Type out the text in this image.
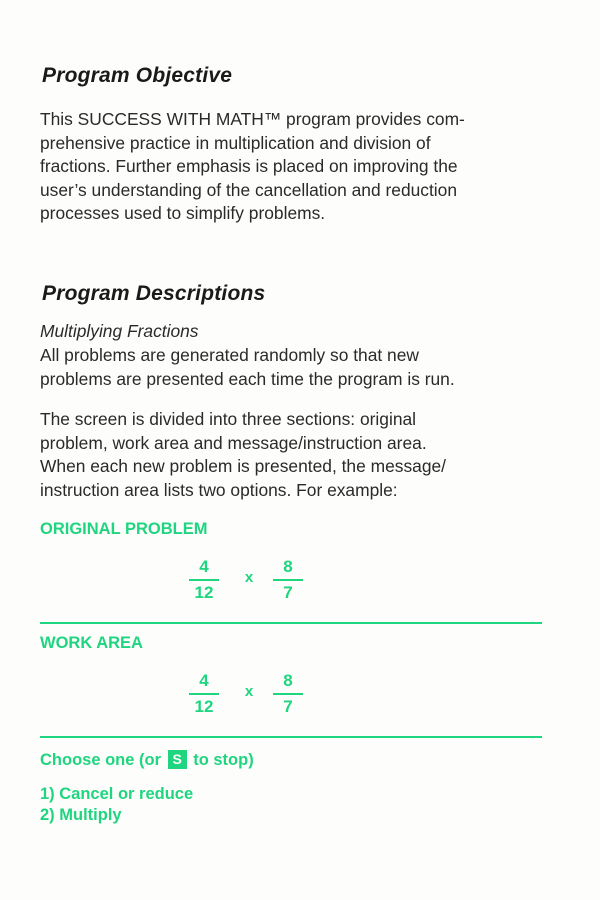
Program Objective
This SUCCESS WITH MATH™ program provides com-
prehensive practice in multiplication and division of
fractions. Further emphasis is placed on improving the
user’s understanding of the cancellation and reduction
processes used to simplify problems.
Program Descriptions
Multiplying Fractions
All problems are generated randomly so that new
problems are presented each time the program is run.
The screen is divided into three sections: original
problem, work area and message/instruction area.
When each new problem is presented, the message/
instruction area lists two options. For example:
ORIGINAL PROBLEM
4
12
x
8
7
WORK AREA
4
12
x
8
7
Choose one (or S to stop)
1) Cancel or reduce
2) Multiply
